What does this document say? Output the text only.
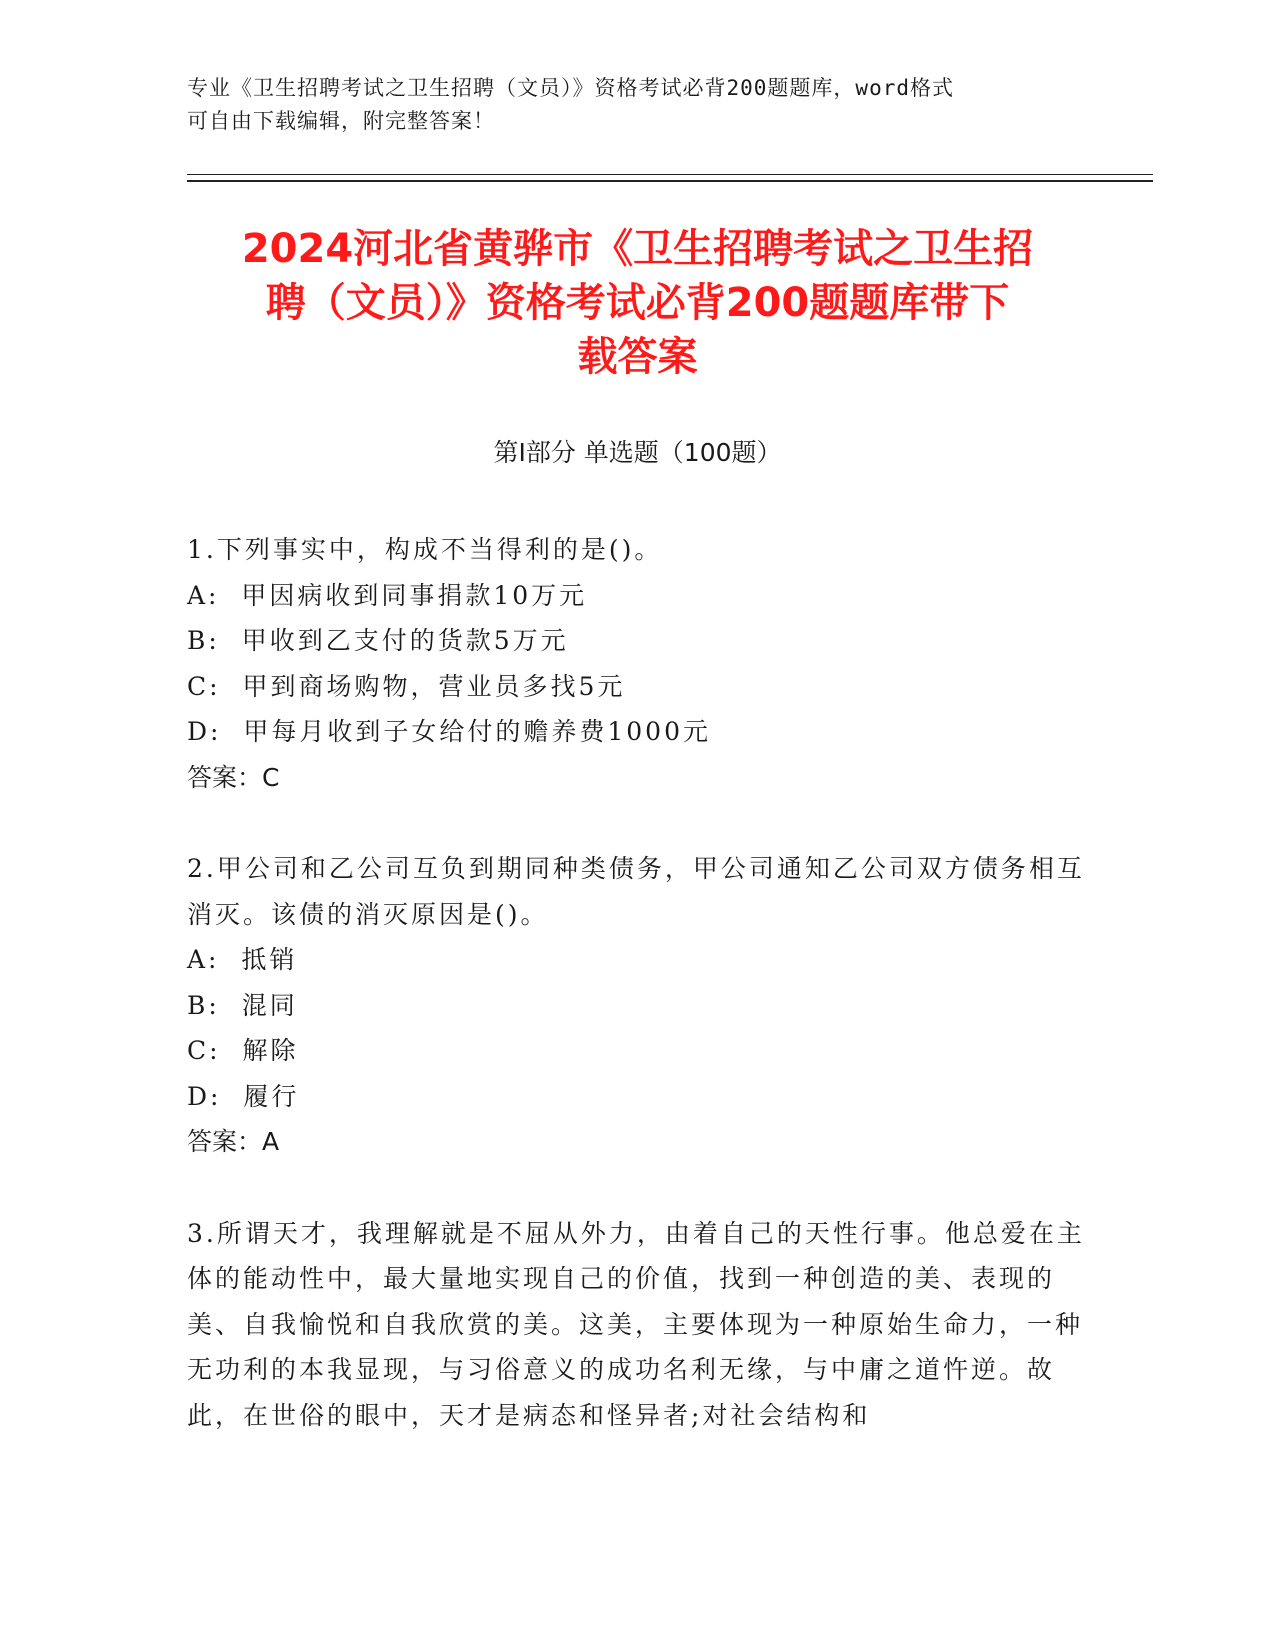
专业《卫生招聘考试之卫生招聘（文员）》资格考试必背200题题库，word格式
可自由下载编辑，附完整答案！
2024河北省黄骅市《卫生招聘考试之卫生招
聘（文员）》资格考试必背200题题库带下
载答案
第Ⅰ部分 单选题（100题）
1.下列事实中，构成不当得利的是()。
A:  甲因病收到同事捐款10万元
B:  甲收到乙支付的货款5万元
C:  甲到商场购物，营业员多找5元
D:  甲每月收到子女给付的赡养费1000元
答案：C
2.甲公司和乙公司互负到期同种类债务，甲公司通知乙公司双方债务相互消灭。该债的消灭原因是()。
A:  抵销
B:  混同
C:  解除
D:  履行
答案：A
3.所谓天才，我理解就是不屈从外力，由着自己的天性行事。他总爱在主体的能动性中，最大量地实现自己的价值，找到一种创造的美、表现的美、自我愉悦和自我欣赏的美。这美，主要体现为一种原始生命力，一种无功利的本我显现，与习俗意义的成功名利无缘，与中庸之道忤逆。故此，在世俗的眼中，天才是病态和怪异者;对社会结构和
